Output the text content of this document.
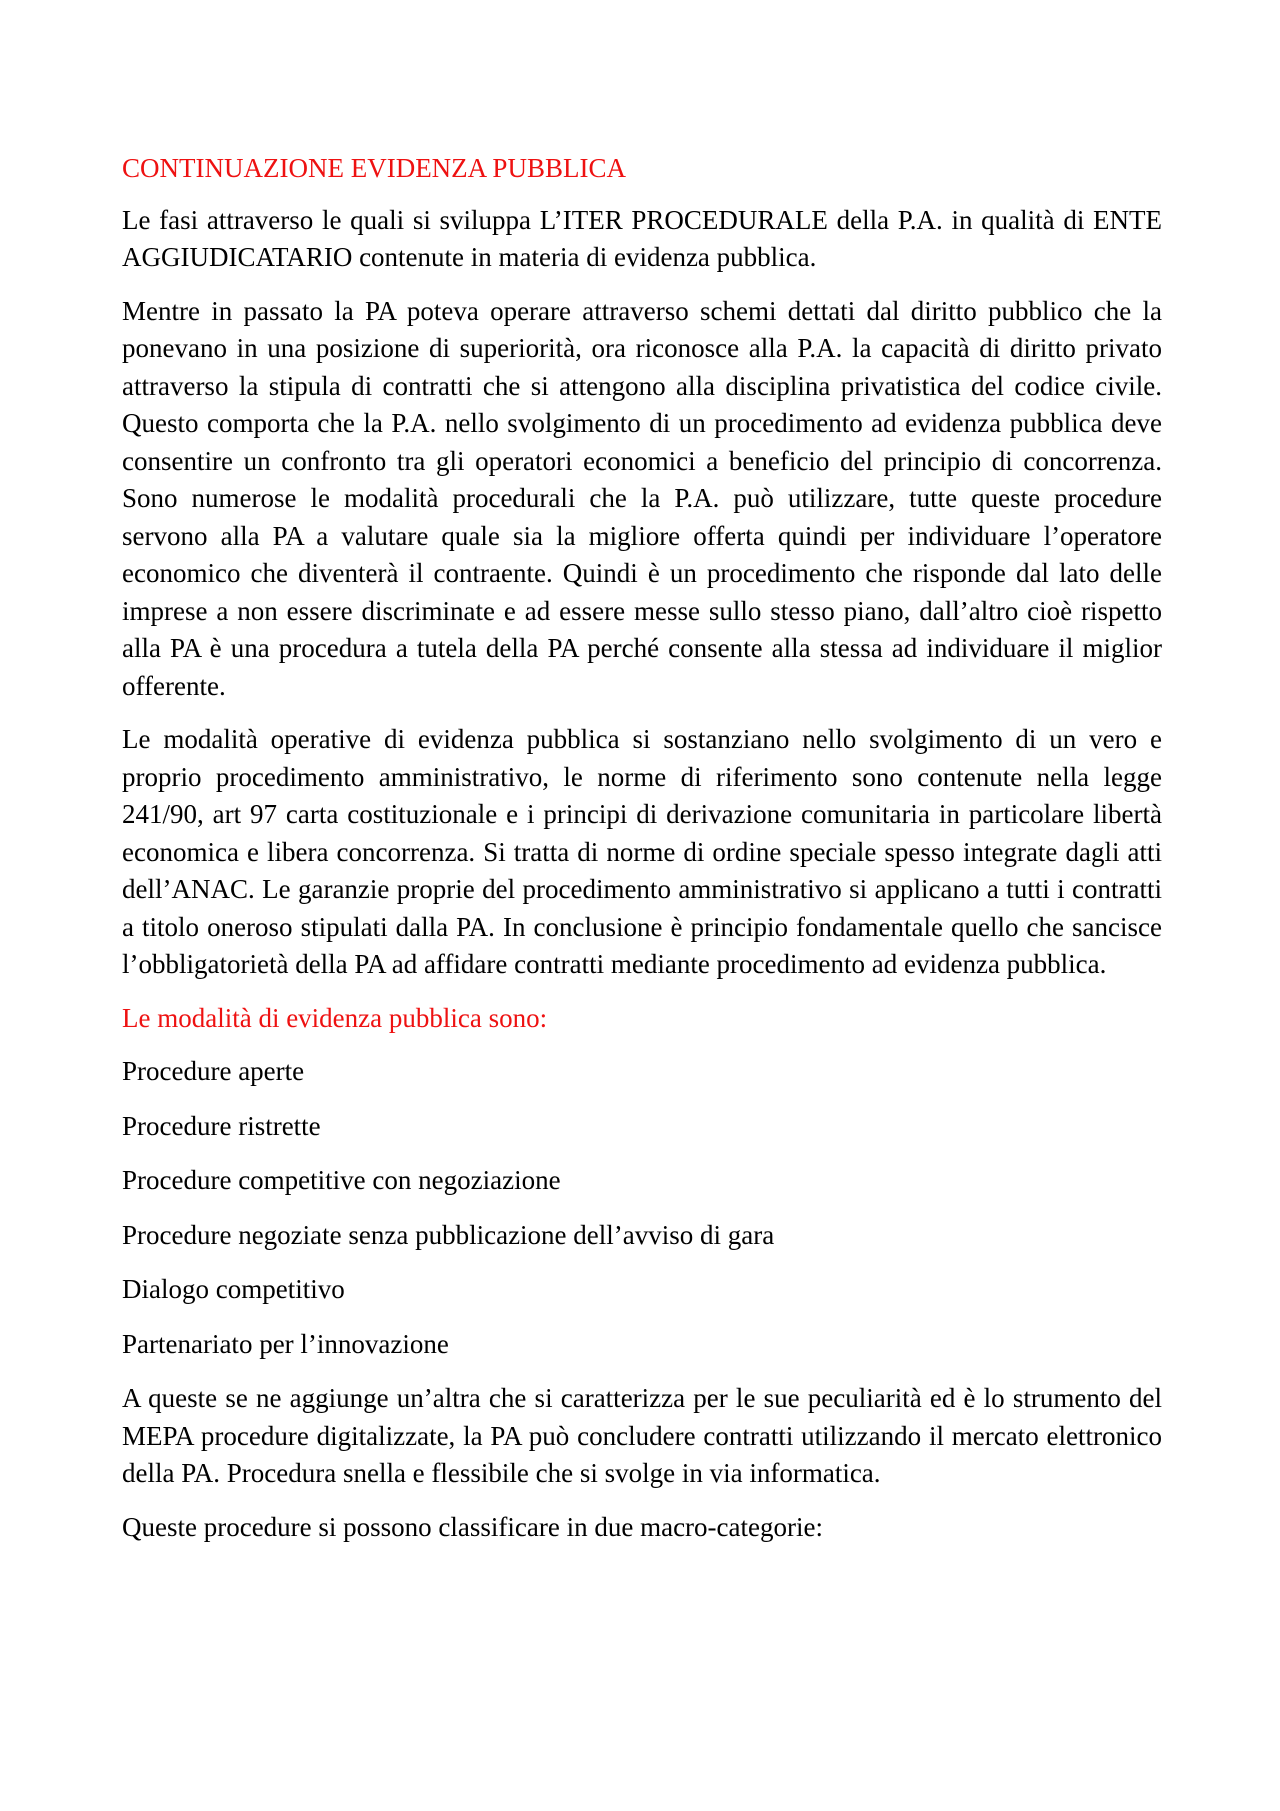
CONTINUAZIONE EVIDENZA PUBBLICA

Le fasi attraverso le quali si sviluppa L’ITER PROCEDURALE della P.A. in qualità di ENTE AGGIUDICATARIO contenute in materia di evidenza pubblica.

Mentre in passato la PA poteva operare attraverso schemi dettati dal diritto pubblico che la ponevano in una posizione di superiorità, ora riconosce alla P.A. la capacità di diritto privato attraverso la stipula di contratti che si attengono alla disciplina privatistica del codice civile. Questo comporta che la P.A. nello svolgimento di un procedimento ad evidenza pubblica deve consentire un confronto tra gli operatori economici a beneficio del principio di concorrenza. Sono numerose le modalità procedurali che la P.A. può utilizzare, tutte queste procedure servono alla PA a valutare quale sia la migliore offerta quindi per individuare l’operatore economico che diventerà il contraente. Quindi è un procedimento che risponde dal lato delle imprese a non essere discriminate e ad essere messe sullo stesso piano, dall’altro cioè rispetto alla PA è una procedura a tutela della PA perché consente alla stessa ad individuare il miglior offerente.

Le modalità operative di evidenza pubblica si sostanziano nello svolgimento di un vero e proprio procedimento amministrativo, le norme di riferimento sono contenute nella legge 241/90, art 97 carta costituzionale e i principi di derivazione comunitaria in particolare libertà economica e libera concorrenza. Si tratta di norme di ordine speciale spesso integrate dagli atti dell’ANAC. Le garanzie proprie del procedimento amministrativo si applicano a tutti i contratti a titolo oneroso stipulati dalla PA. In conclusione è principio fondamentale quello che sancisce l’obbligatorietà della PA ad affidare contratti mediante procedimento ad evidenza pubblica.

Le modalità di evidenza pubblica sono:
Procedure aperte
Procedure ristrette
Procedure competitive con negoziazione
Procedure negoziate senza pubblicazione dell’avviso di gara
Dialogo competitivo
Partenariato per l’innovazione

A queste se ne aggiunge un’altra che si caratterizza per le sue peculiarità ed è lo strumento del MEPA procedure digitalizzate, la PA può concludere contratti utilizzando il mercato elettronico della PA. Procedura snella e flessibile che si svolge in via informatica.

Queste procedure si possono classificare in due macro-categorie:
